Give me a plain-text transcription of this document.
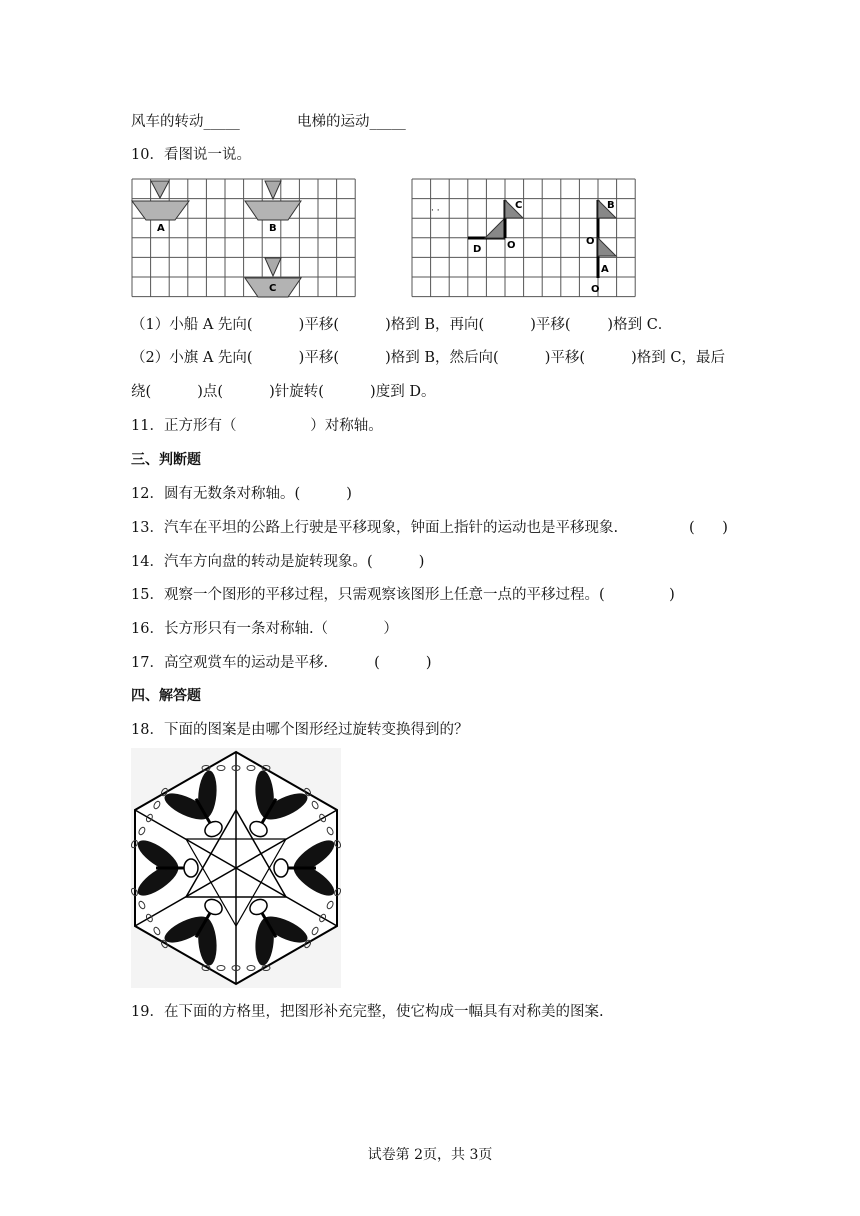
风车的转动_____	电梯的运动_____
10．看图说一说。
A	B
C
· ·	C	B
O
D
O
A
O
（1）小船 A 先向(          )平移(          )格到 B，再向(          )平移(        )格到 C．
（2）小旗 A 先向(          )平移(          )格到 B，然后向(          )平移(          )格到 C，最后
绕(          )点(          )针旋转(          )度到 D。
11．正方形有（                ）对称轴。
三、判断题
12．圆有无数条对称轴。(          )
13．汽车在平坦的公路上行驶是平移现象，钟面上指针的运动也是平移现象.	(      )
14．汽车方向盘的转动是旋转现象。(          )
15．观察一个图形的平移过程，只需观察该图形上任意一点的平移过程。(              )
16．长方形只有一条对称轴.（            ）
17．高空观赏车的运动是平移.          (          )
四、解答题
18．下面的图案是由哪个图形经过旋转变换得到的？
19．在下面的方格里，把图形补充完整，使它构成一幅具有对称美的图案.
试卷第 2页，共 3页
